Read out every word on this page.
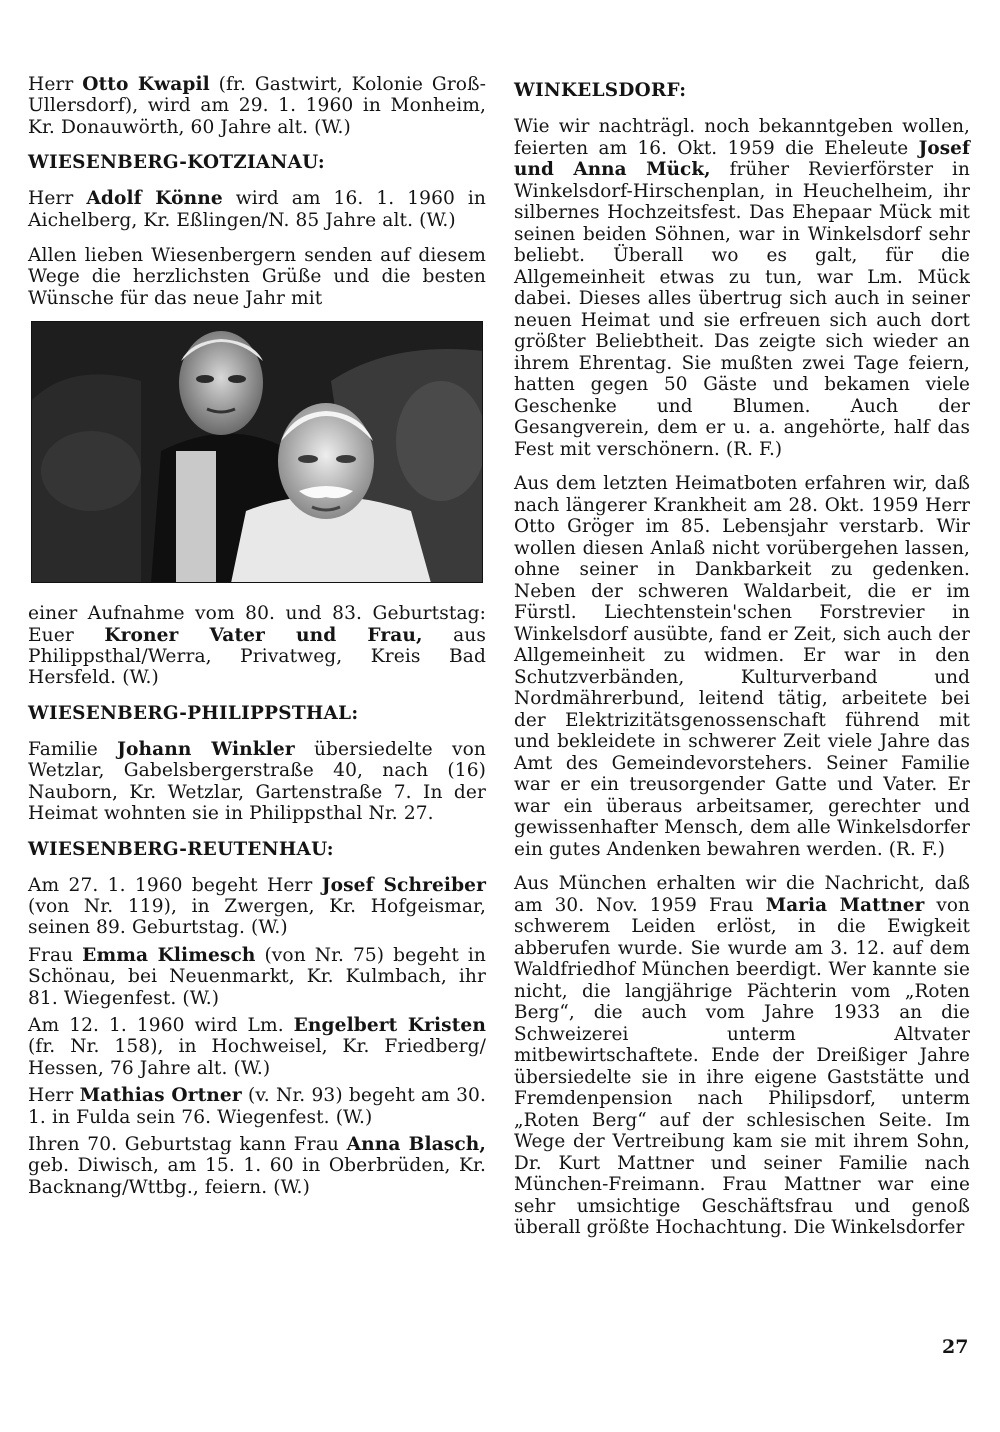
Herr Otto Kwapil (fr. Gastwirt, Kolonie Groß-Ullersdorf), wird am 29. 1. 1960 in Monheim, Kr. Donauwörth, 60 Jahre alt. (W.)

WIESENBERG-KOTZIANAU:

Herr Adolf Könne wird am 16. 1. 1960 in Aichelberg, Kr. Eßlingen/N. 85 Jahre alt. (W.)

Allen lieben Wiesenbergern senden auf diesem Wege die herzlichsten Grüße und die besten Wünsche für das neue Jahr mit

einer Aufnahme vom 80. und 83. Geburtstag: Euer Kroner Vater und Frau, aus Philippsthal/Werra, Privatweg, Kreis Bad Hersfeld. (W.)

WIESENBERG-PHILIPPSTHAL:

Familie Johann Winkler übersiedelte von Wetzlar, Gabelsbergerstraße 40, nach (16) Nauborn, Kr. Wetzlar, Gartenstraße 7. In der Heimat wohnten sie in Philippsthal Nr. 27.

WIESENBERG-REUTENHAU:

Am 27. 1. 1960 begeht Herr Josef Schreiber (von Nr. 119), in Zwergen, Kr. Hofgeismar, seinen 89. Geburtstag. (W.)

Frau Emma Klimesch (von Nr. 75) begeht in Schönau, bei Neuenmarkt, Kr. Kulmbach, ihr 81. Wiegenfest. (W.)

Am 12. 1. 1960 wird Lm. Engelbert Kristen (fr. Nr. 158), in Hochweisel, Kr. Friedberg/ Hessen, 76 Jahre alt. (W.)

Herr Mathias Ortner (v. Nr. 93) begeht am 30. 1. in Fulda sein 76. Wiegenfest. (W.)

Ihren 70. Geburtstag kann Frau Anna Blasch, geb. Diwisch, am 15. 1. 60 in Oberbrüden, Kr. Backnang/Wttbg., feiern. (W.)

WINKELSDORF:

Wie wir nachträgl. noch bekanntgeben wollen, feierten am 16. Okt. 1959 die Eheleute Josef und Anna Mück, früher Revierförster in Winkelsdorf-Hirschenplan, in Heuchelheim, ihr silbernes Hochzeitsfest. Das Ehepaar Mück mit seinen beiden Söhnen, war in Winkelsdorf sehr beliebt. Überall wo es galt, für die Allgemeinheit etwas zu tun, war Lm. Mück dabei. Dieses alles übertrug sich auch in seiner neuen Heimat und sie erfreuen sich auch dort größter Beliebtheit. Das zeigte sich wieder an ihrem Ehrentag. Sie mußten zwei Tage feiern, hatten gegen 50 Gäste und bekamen viele Geschenke und Blumen. Auch der Gesangverein, dem er u. a. angehörte, half das Fest mit verschönern. (R. F.)

Aus dem letzten Heimatboten erfahren wir, daß nach längerer Krankheit am 28. Okt. 1959 Herr Otto Gröger im 85. Lebensjahr verstarb. Wir wollen diesen Anlaß nicht vorübergehen lassen, ohne seiner in Dankbarkeit zu gedenken. Neben der schweren Waldarbeit, die er im Fürstl. Liechtenstein'schen Forstrevier in Winkelsdorf ausübte, fand er Zeit, sich auch der Allgemeinheit zu widmen. Er war in den Schutzverbänden, Kulturverband und Nordmährerbund, leitend tätig, arbeitete bei der Elektrizitätsgenossenschaft führend mit und bekleidete in schwerer Zeit viele Jahre das Amt des Gemeindevorstehers. Seiner Familie war er ein treusorgender Gatte und Vater. Er war ein überaus arbeitsamer, gerechter und gewissenhafter Mensch, dem alle Winkelsdorfer ein gutes Andenken bewahren werden. (R. F.)

Aus München erhalten wir die Nachricht, daß am 30. Nov. 1959 Frau Maria Mattner von schwerem Leiden erlöst, in die Ewigkeit abberufen wurde. Sie wurde am 3. 12. auf dem Waldfriedhof München beerdigt. Wer kannte sie nicht, die langjährige Pächterin vom „Roten Berg“, die auch vom Jahre 1933 an die Schweizerei unterm Altvater mitbewirtschaftete. Ende der Dreißiger Jahre übersiedelte sie in ihre eigene Gaststätte und Fremdenpension nach Philipsdorf, unterm „Roten Berg“ auf der schlesischen Seite. Im Wege der Vertreibung kam sie mit ihrem Sohn, Dr. Kurt Mattner und seiner Familie nach München-Freimann. Frau Mattner war eine sehr umsichtige Geschäftsfrau und genoß überall größte Hochachtung. Die Winkelsdorfer

27
